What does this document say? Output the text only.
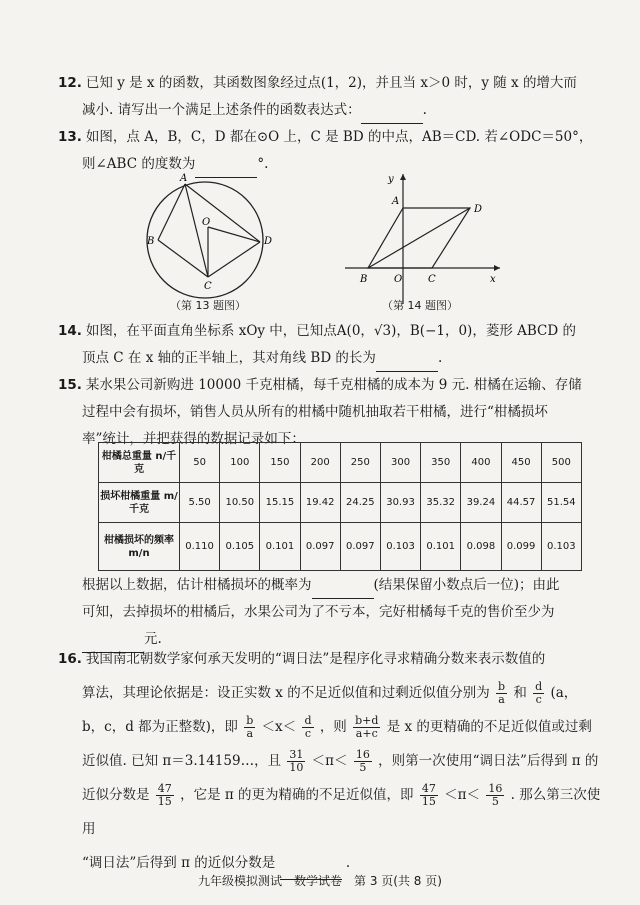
12. 已知 y 是 x 的函数，其函数图象经过点(1，2)，并且当 x＞0 时，y 随 x 的增大而
减小. 请写出一个满足上述条件的函数表达式：	.
13. 如图，点 A，B，C，D 都在⊙O 上，C 是 BD 的中点，AB＝CD. 若∠ODC＝50°，
则∠ABC 的度数为	°.
A
B
C
D
O
A
B	C
D
O	x
y
（第 13 题图）	（第 14 题图）
14. 如图，在平面直角坐标系 xOy 中，已知点A(0，√3)，B(−1，0)，菱形 ABCD 的
顶点 C 在 x 轴的正半轴上，其对角线 BD 的长为	.
15. 某水果公司新购进 10000 千克柑橘，每千克柑橘的成本为 9 元. 柑橘在运输、存储
过程中会有损坏，销售人员从所有的柑橘中随机抽取若干柑橘，进行“柑橘损坏
率”统计，并把获得的数据记录如下：
柑橘总重量 n/千克	50	100	150	200	250	300	350	400	450	500
损坏柑橘重量 m/千克	5.50	10.50	15.15	19.42	24.25	30.93	35.32	39.24	44.57	51.54
柑橘损坏的频率 m/n	0.110	0.105	0.101	0.097	0.097	0.103	0.101	0.098	0.099	0.103
根据以上数据，估计柑橘损坏的概率为	(结果保留小数点后一位)；由此
可知，去掉损坏的柑橘后，水果公司为了不亏本，完好柑橘每千克的售价至少为
元.
16. 我国南北朝数学家何承天发明的“调日法”是程序化寻求精确分数来表示数值的
算法，其理论依据是：设正实数 x 的不足近似值和过剩近似值分别为 $\frac{b}{a}$ 和 $\frac{d}{c} (a$，
b，c，d 都为正整数)，即 $\frac{b}{a} <x< \frac{d}{c}$ ，则 $\frac{b+d}{a+c}$ 是 x 的更精确的不足近似值或过剩
近似值. 已知 π＝3.14159…，且 $\frac{31}{10} <\pi< \frac{16}{5}$ ，则第一次使用“调日法”后得到 π 的
近似分数是 $\frac{47}{15}$ ，它是 π 的更为精确的不足近似值，即 $\frac{47}{15} <\pi< \frac{16}{5}$ . 那么第三次使用
“调日法”后得到 π 的近似分数是	.
九年级模拟测试　数学试卷　第 3 页(共 8 页)
